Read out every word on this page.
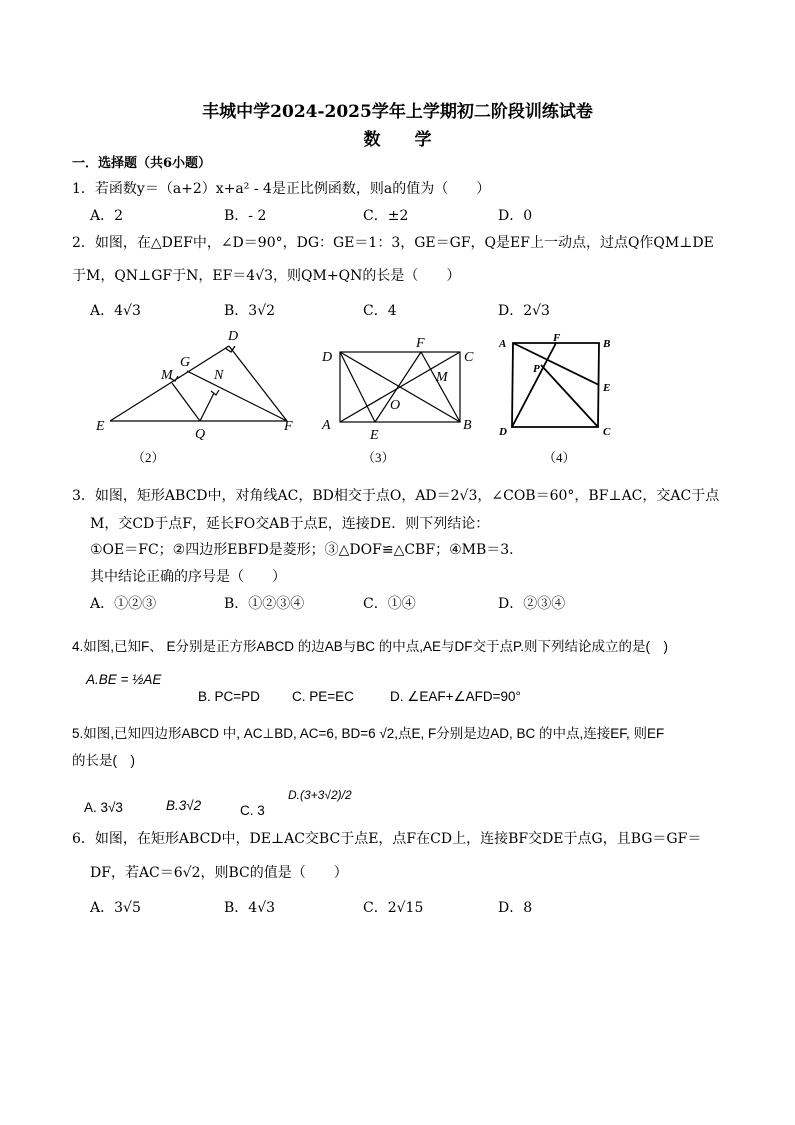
丰城中学2024-2025学年上学期初二阶段训练试卷
数　　学
一．选择题（共6小题）
1．若函数y＝（a+2）x+a² - 4是正比例函数，则a的值为（　　）
A．2	B．- 2	C．±2	D．0
2．如图，在△DEF中，∠D＝90°，DG：GE＝1：3，GE＝GF，Q是EF上一动点，过点Q作QM⊥DE
于M，QN⊥GF于N，EF＝4√3，则QM+QN的长是（　　）
A．4√3	B．3√2	C．4	D．2√3
D
G
M	N
E
Q
F
D
F
C
M
O
A
E
B
A	F	B
P
E
D	C
（2）	（3）	（4）
3．如图，矩形ABCD中，对角线AC，BD相交于点O，AD＝2√3，∠COB＝60°，BF⊥AC，交AC于点
M，交CD于点F，延长FO交AB于点E，连接DE．则下列结论：
①OE＝FC；②四边形EBFD是菱形；③△DOF≌△CBF；④MB＝3．
其中结论正确的序号是（　　）
A．①②③	B．①②③④	C．①④	D．②③④
4.如图,已知F、 E分别是正方形ABCD 的边AB与BC 的中点,AE与DF交于点P.则下列结论成立的是(　)
A.BE = ½AE
B. PC=PD C. PE=EC	D. ∠EAF+∠AFD=90°
5.如图,已知四边形ABCD 中, AC⊥BD, AC=6, BD=6 √2,点E, F分别是边AD, BC 的中点,连接EF, 则EF
的长是(　)
A. 3√3	B.3√2	C. 3
D.(3+3√2)/2
6．如图，在矩形ABCD中，DE⊥AC交BC于点E，点F在CD上，连接BF交DE于点G，且BG＝GF＝
DF，若AC＝6√2，则BC的值是（　　）
A．3√5	B．4√3	C．2√15	D．8
